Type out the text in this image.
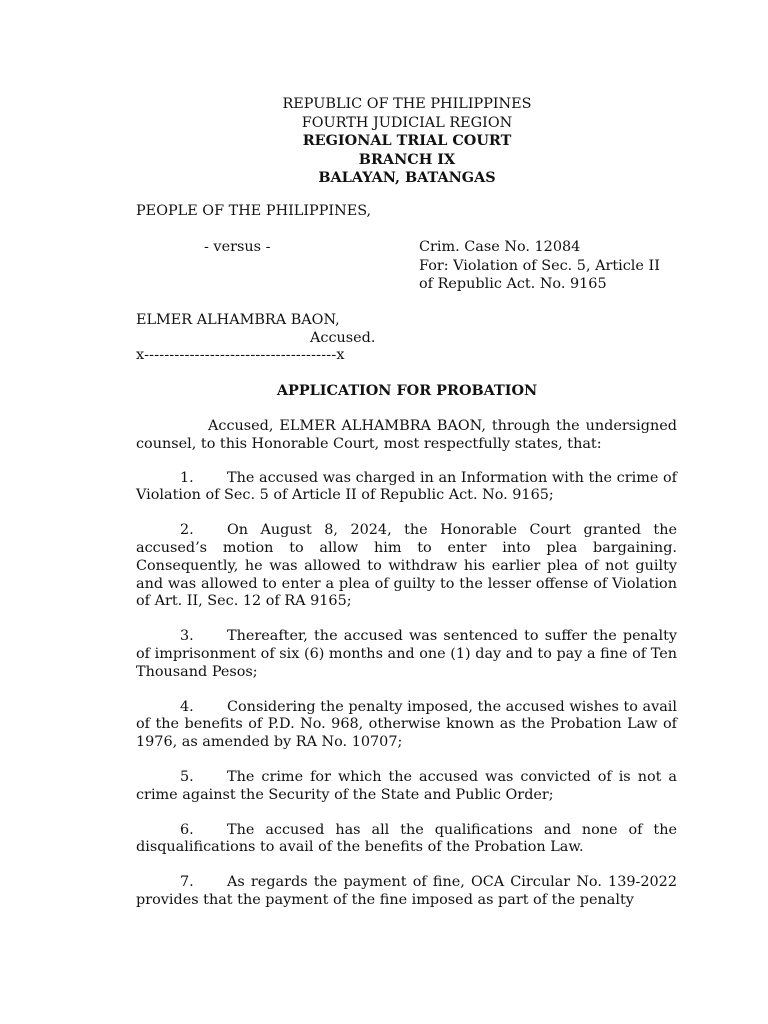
REPUBLIC OF THE PHILIPPINES
FOURTH JUDICIAL REGION
REGIONAL TRIAL COURT
BRANCH IX
BALAYAN, BATANGAS
PEOPLE OF THE PHILIPPINES,
- versus -	Crim. Case No. 12084
For: Violation of Sec. 5, Article II
of Republic Act. No. 9165
ELMER ALHAMBRA BAON,
Accused.
x--------------------------------------x
APPLICATION FOR PROBATION

Accused, ELMER ALHAMBRA BAON, through the undersigned counsel, to this Honorable Court, most respectfully states, that:

1. The accused was charged in an Information with the crime of Violation of Sec. 5 of Article II of Republic Act. No. 9165;

2. On August 8, 2024, the Honorable Court granted the accused’s motion to allow him to enter into plea bargaining. Consequently, he was allowed to withdraw his earlier plea of not guilty and was allowed to enter a plea of guilty to the lesser offense of Violation of Art. II, Sec. 12 of RA 9165;

3. Thereafter, the accused was sentenced to suffer the penalty of imprisonment of six (6) months and one (1) day and to pay a fine of Ten Thousand Pesos;

4. Considering the penalty imposed, the accused wishes to avail of the benefits of P.D. No. 968, otherwise known as the Probation Law of 1976, as amended by RA No. 10707;

5. The crime for which the accused was convicted of is not a crime against the Security of the State and Public Order;

6. The accused has all the qualifications and none of the disqualifications to avail of the benefits of the Probation Law.

7. As regards the payment of fine, OCA Circular No. 139-2022 provides that the payment of the fine imposed as part of the penalty
